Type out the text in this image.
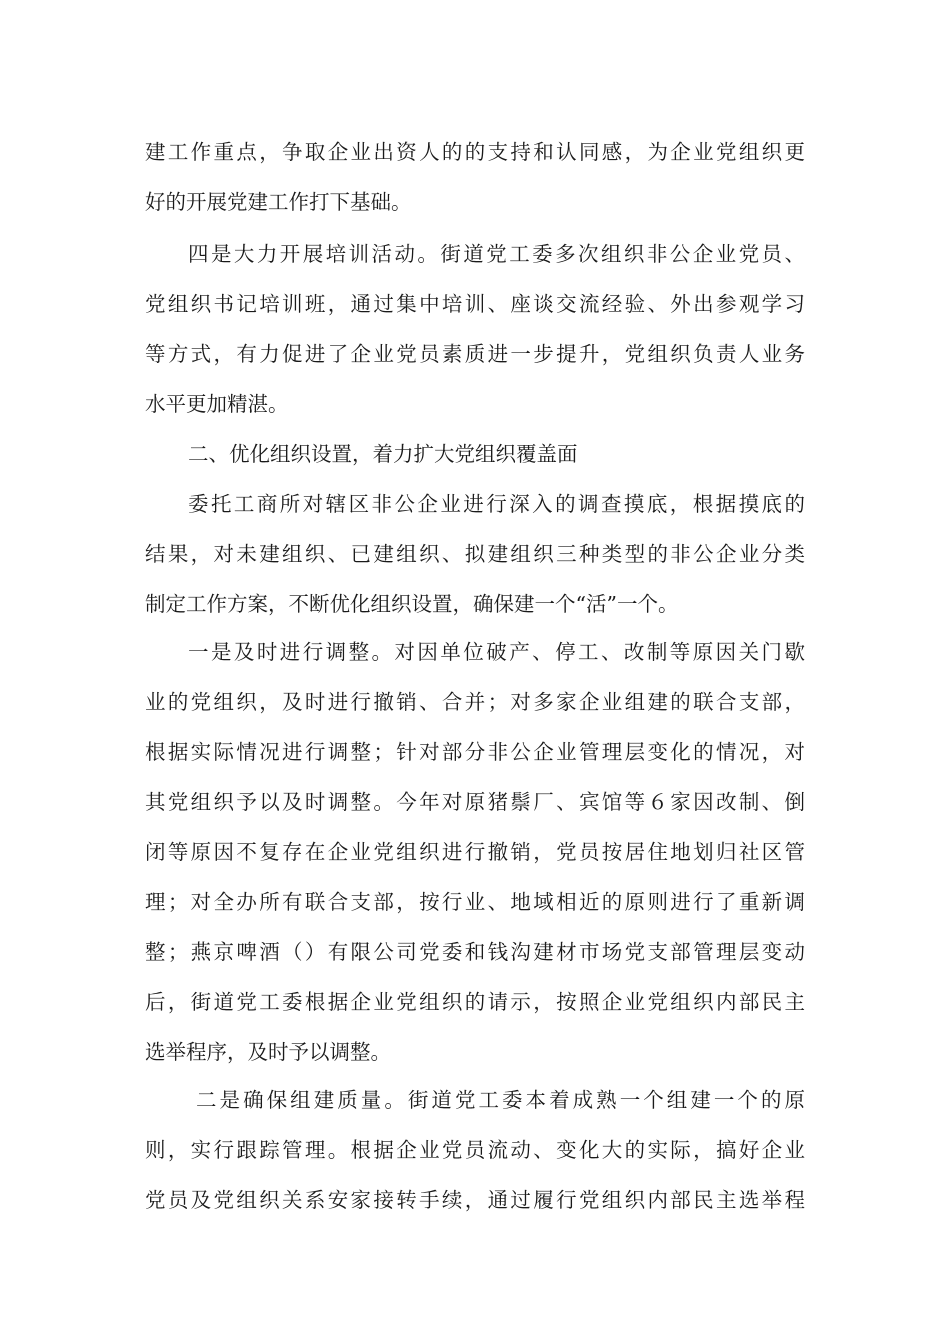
建工作重点，争取企业出资人的的支持和认同感，为企业党组织更
好的开展党建工作打下基础。
四是大力开展培训活动。街道党工委多次组织非公企业党员、
党组织书记培训班，通过集中培训、座谈交流经验、外出参观学习
等方式，有力促进了企业党员素质进一步提升，党组织负责人业务
水平更加精湛。
二、优化组织设置，着力扩大党组织覆盖面
委托工商所对辖区非公企业进行深入的调查摸底，根据摸底的
结果，对未建组织、已建组织、拟建组织三种类型的非公企业分类
制定工作方案，不断优化组织设置，确保建一个“活”一个。
一是及时进行调整。对因单位破产、停工、改制等原因关门歇
业的党组织，及时进行撤销、合并；对多家企业组建的联合支部，
根据实际情况进行调整；针对部分非公企业管理层变化的情况，对
其党组织予以及时调整。今年对原猪鬃厂、宾馆等６家因改制、倒
闭等原因不复存在企业党组织进行撤销，党员按居住地划归社区管
理；对全办所有联合支部，按行业、地域相近的原则进行了重新调
整；燕京啤酒（）有限公司党委和钱沟建材市场党支部管理层变动
后，街道党工委根据企业党组织的请示，按照企业党组织内部民主
选举程序，及时予以调整。
二是确保组建质量。街道党工委本着成熟一个组建一个的原
则，实行跟踪管理。根据企业党员流动、变化大的实际，搞好企业
党员及党组织关系安家接转手续，通过履行党组织内部民主选举程
